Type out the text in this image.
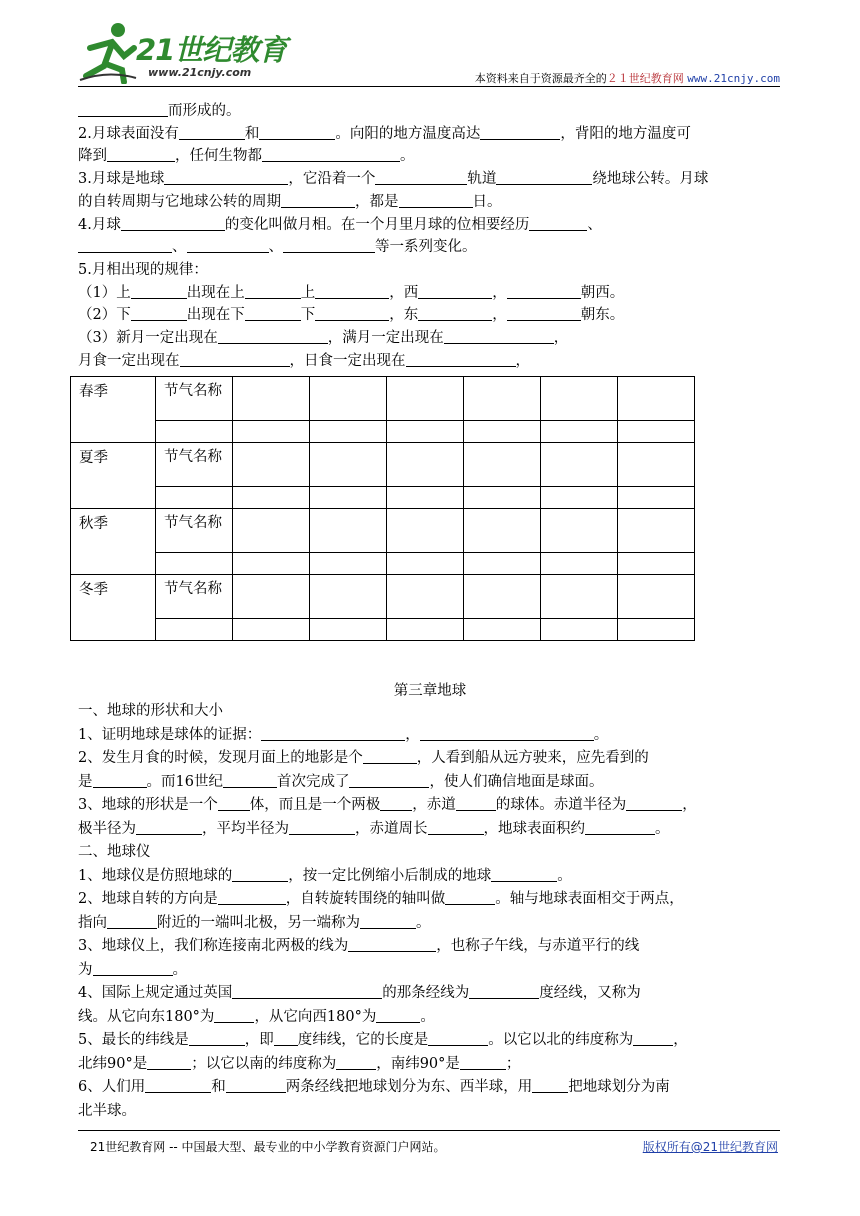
21世纪教育
www.21cnjy.com	本资料来自于资源最齐全的２１世纪教育网 www.21cnjy.com

而形成的。

2.月球表面没有	和	。向阳的地方温度高达	，背阳的地方温度可

降到	，任何生物都	。

3.月球是地球	，它沿着一个	轨道	绕地球公转。月球

的自转周期与它地球公转的周期	，都是	日。

4.月球	的变化叫做月相。在一个月里月球的位相要经历	、

、	、	等一系列变化。

5.月相出现的规律：

（1）上	出现在上	上	，西	，	朝西。

（2）下	出现在下	下	，东	，	朝东。

（3）新月一定出现在	，满月一定出现在	，

月食一定出现在	，日食一定出现在	，

春季	节气名称						

夏季	节气名称						

秋季	节气名称						

冬季	节气名称						

第三章地球

一、地球的形状和大小

1、证明地球是球体的证据：	，	。

2、发生月食的时候，发现月面上的地影是个	，人看到船从远方驶来，应先看到的

是	。而16世纪	首次完成了	，使人们确信地面是球面。

3、地球的形状是一个 体，而且是一个两极 ，赤道	的球体。赤道半径为	，

极半径为	，平均半径为	，赤道周长	，地球表面积约	。

二、地球仪

1、地球仪是仿照地球的	，按一定比例缩小后制成的地球	。

2、地球自转的方向是	，自转旋转围绕的轴叫做	。轴与地球表面相交于两点，

指向	附近的一端叫北极，另一端称为	。

3、地球仪上，我们称连接南北两极的线为	，也称子午线，与赤道平行的线

为	。

4、国际上规定通过英国	的那条经线为	度经线，又称为

线。从它向东180°为	，从它向西180°为	。

5、最长的纬线是	，即 度纬线，它的长度是	。以它以北的纬度称为	，

北纬90°是	；以它以南的纬度称为	，南纬90°是	；

6、人们用	和	两条经线把地球划分为东、西半球，用 把地球划分为南

北半球。

21世纪教育网 -- 中国最大型、最专业的中小学教育资源门户网站。	版权所有@21世纪教育网
